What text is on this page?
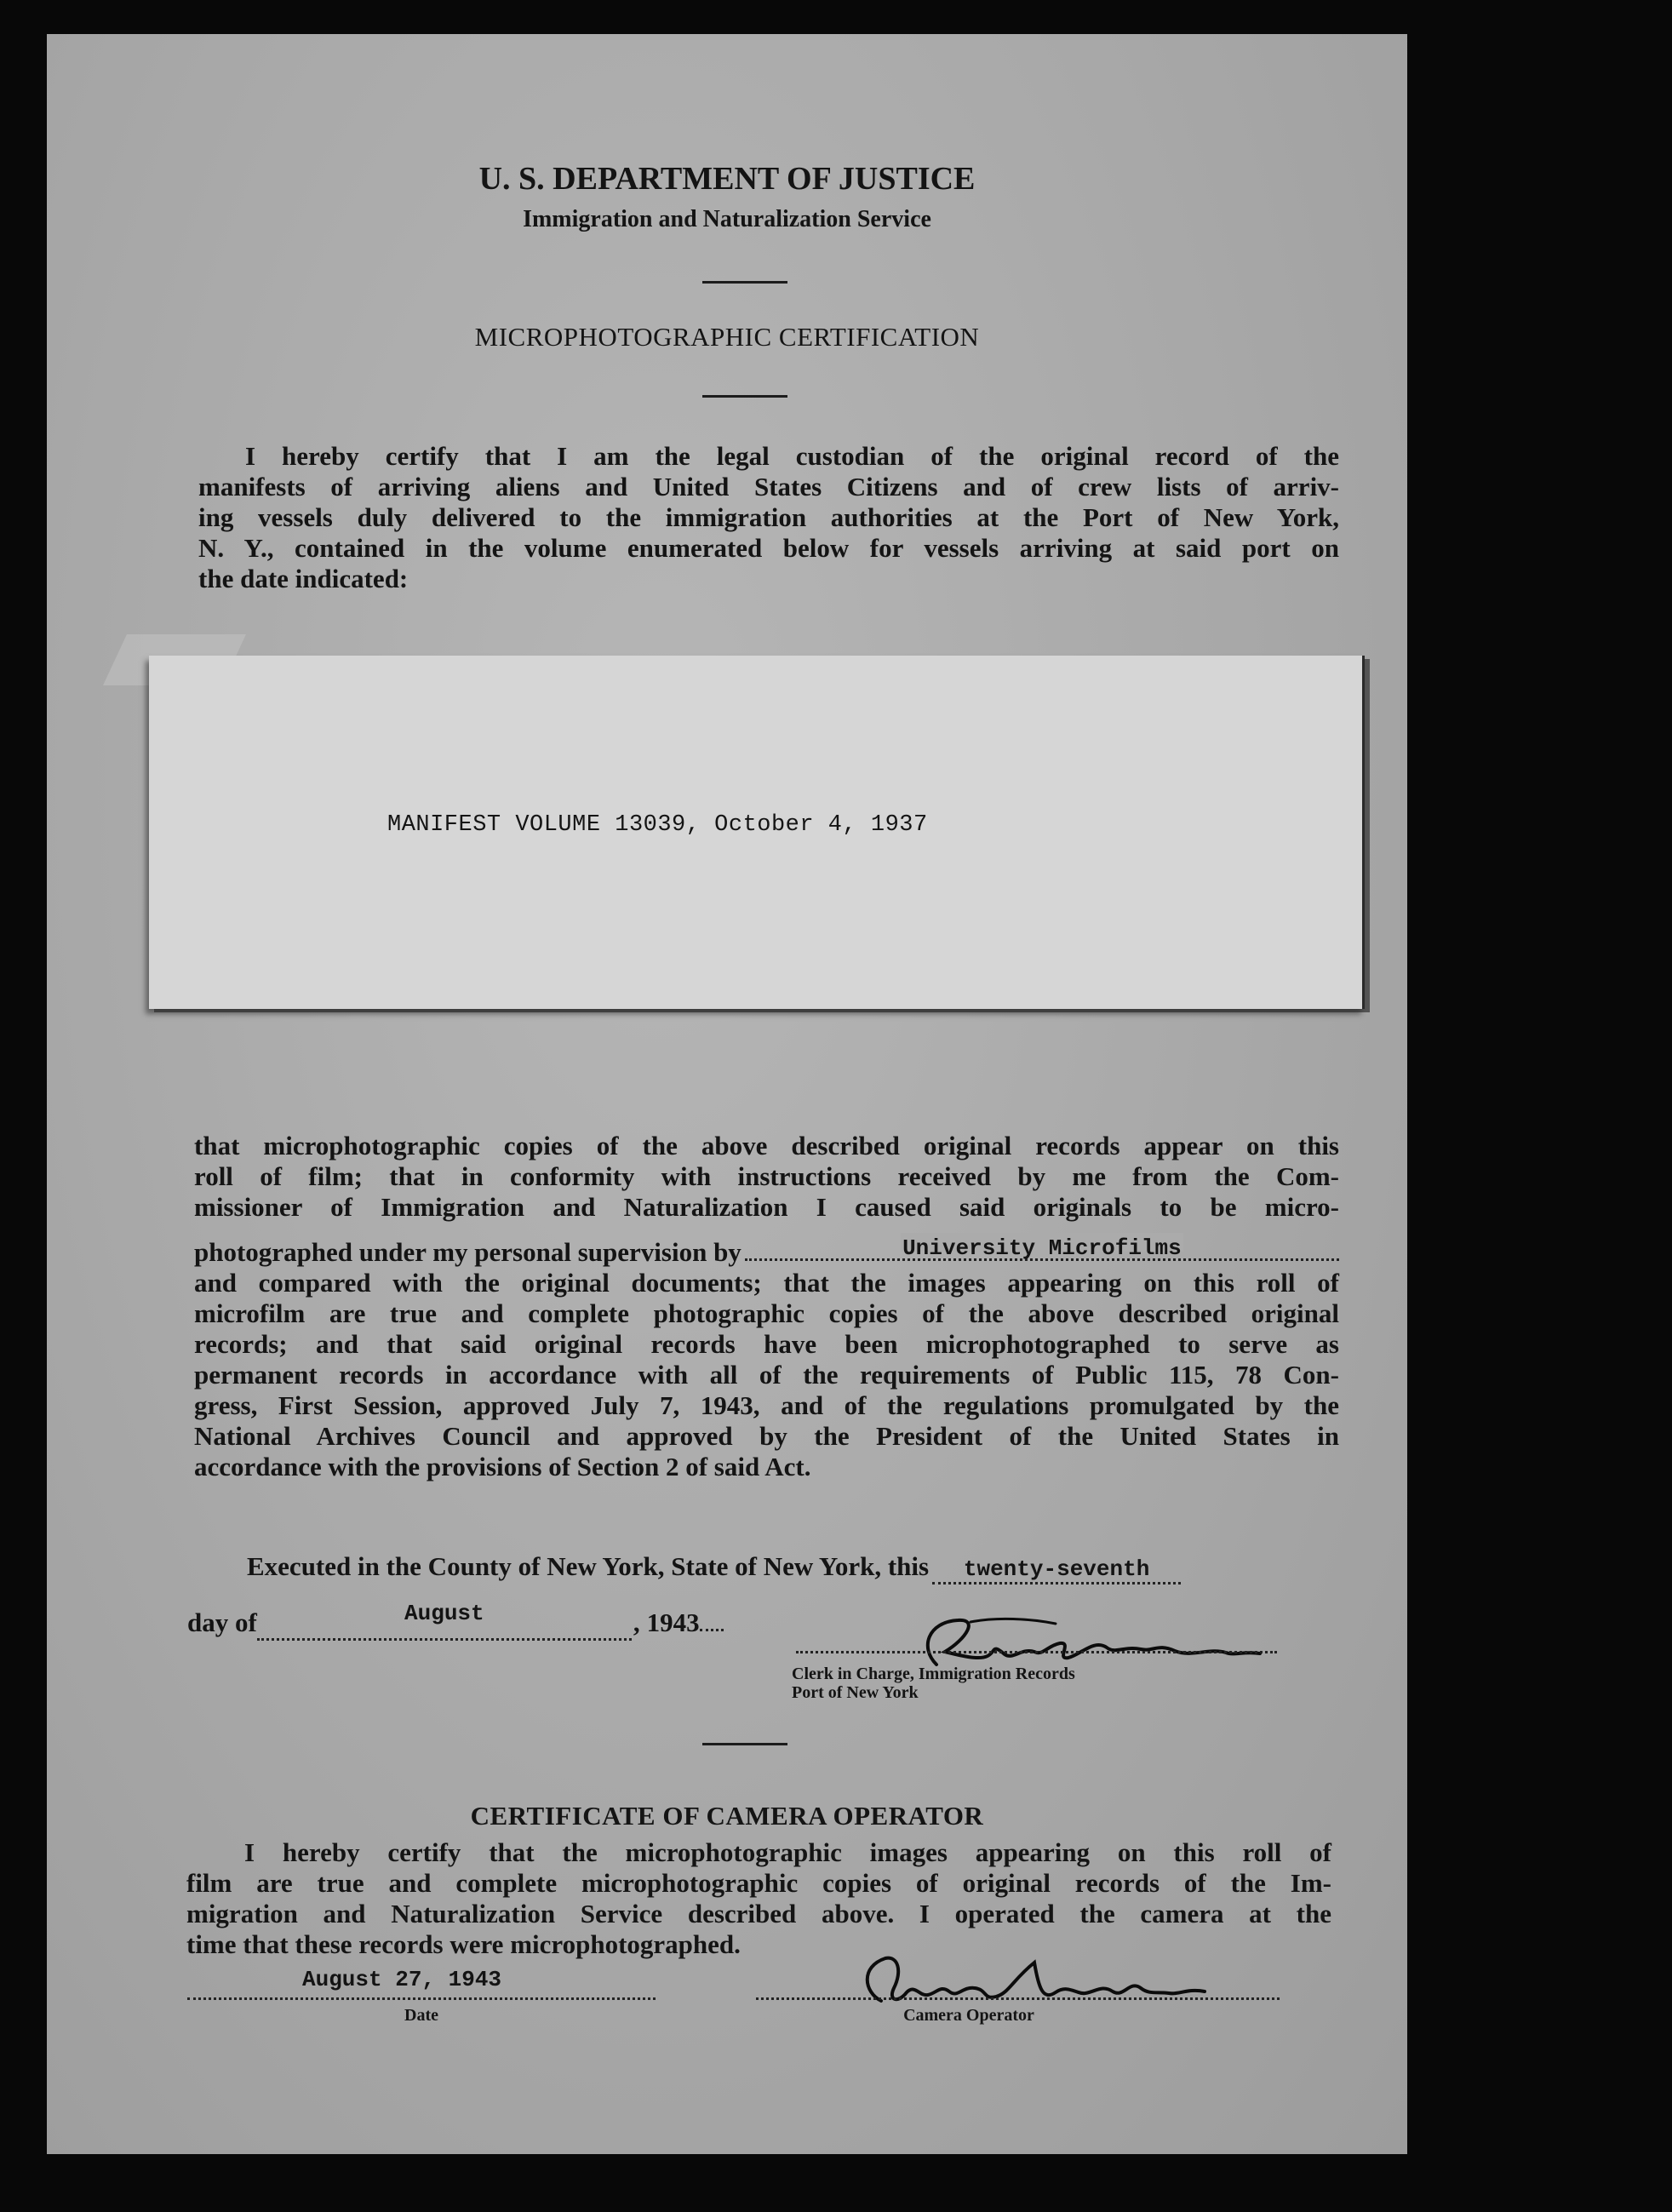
U. S. DEPARTMENT OF JUSTICE
Immigration and Naturalization Service
MICROPHOTOGRAPHIC CERTIFICATION
I hereby certify that I am the legal custodian of the original record of the
manifests of arriving aliens and United States Citizens and of crew lists of arriv-
ing vessels duly delivered to the immigration authorities at the Port of New York,
N. Y., contained in the volume enumerated below for vessels arriving at said port on
the date indicated:
MANIFEST VOLUME 13039, October 4, 1937
that microphotographic copies of the above described original records appear on this
roll of film; that in conformity with instructions received by me from the Com-
missioner of Immigration and Naturalization I caused said originals to be micro-
photographed under my personal supervision by	University Microfilms
and compared with the original documents; that the images appearing on this roll of
microfilm are true and complete photographic copies of the above described original
records; and that said original records have been microphotographed to serve as
permanent records in accordance with all of the requirements of Public 115, 78 Con-
gress, First Session, approved July 7, 1943, and of the regulations promulgated by the
National Archives Council and approved by the President of the United States in
accordance with the provisions of Section 2 of said Act.
Executed in the County of New York, State of New York, this	twenty-seventh
day of	$^{August}$	, 1943
Clerk in Charge, Immigration Records
Port of New York
CERTIFICATE OF CAMERA OPERATOR
I hereby certify that the microphotographic images appearing on this roll of
film are true and complete microphotographic copies of original records of the Im-
migration and Naturalization Service described above. I operated the camera at the
time that these records were microphotographed.
August 27, 1943
Date	Camera Operator
